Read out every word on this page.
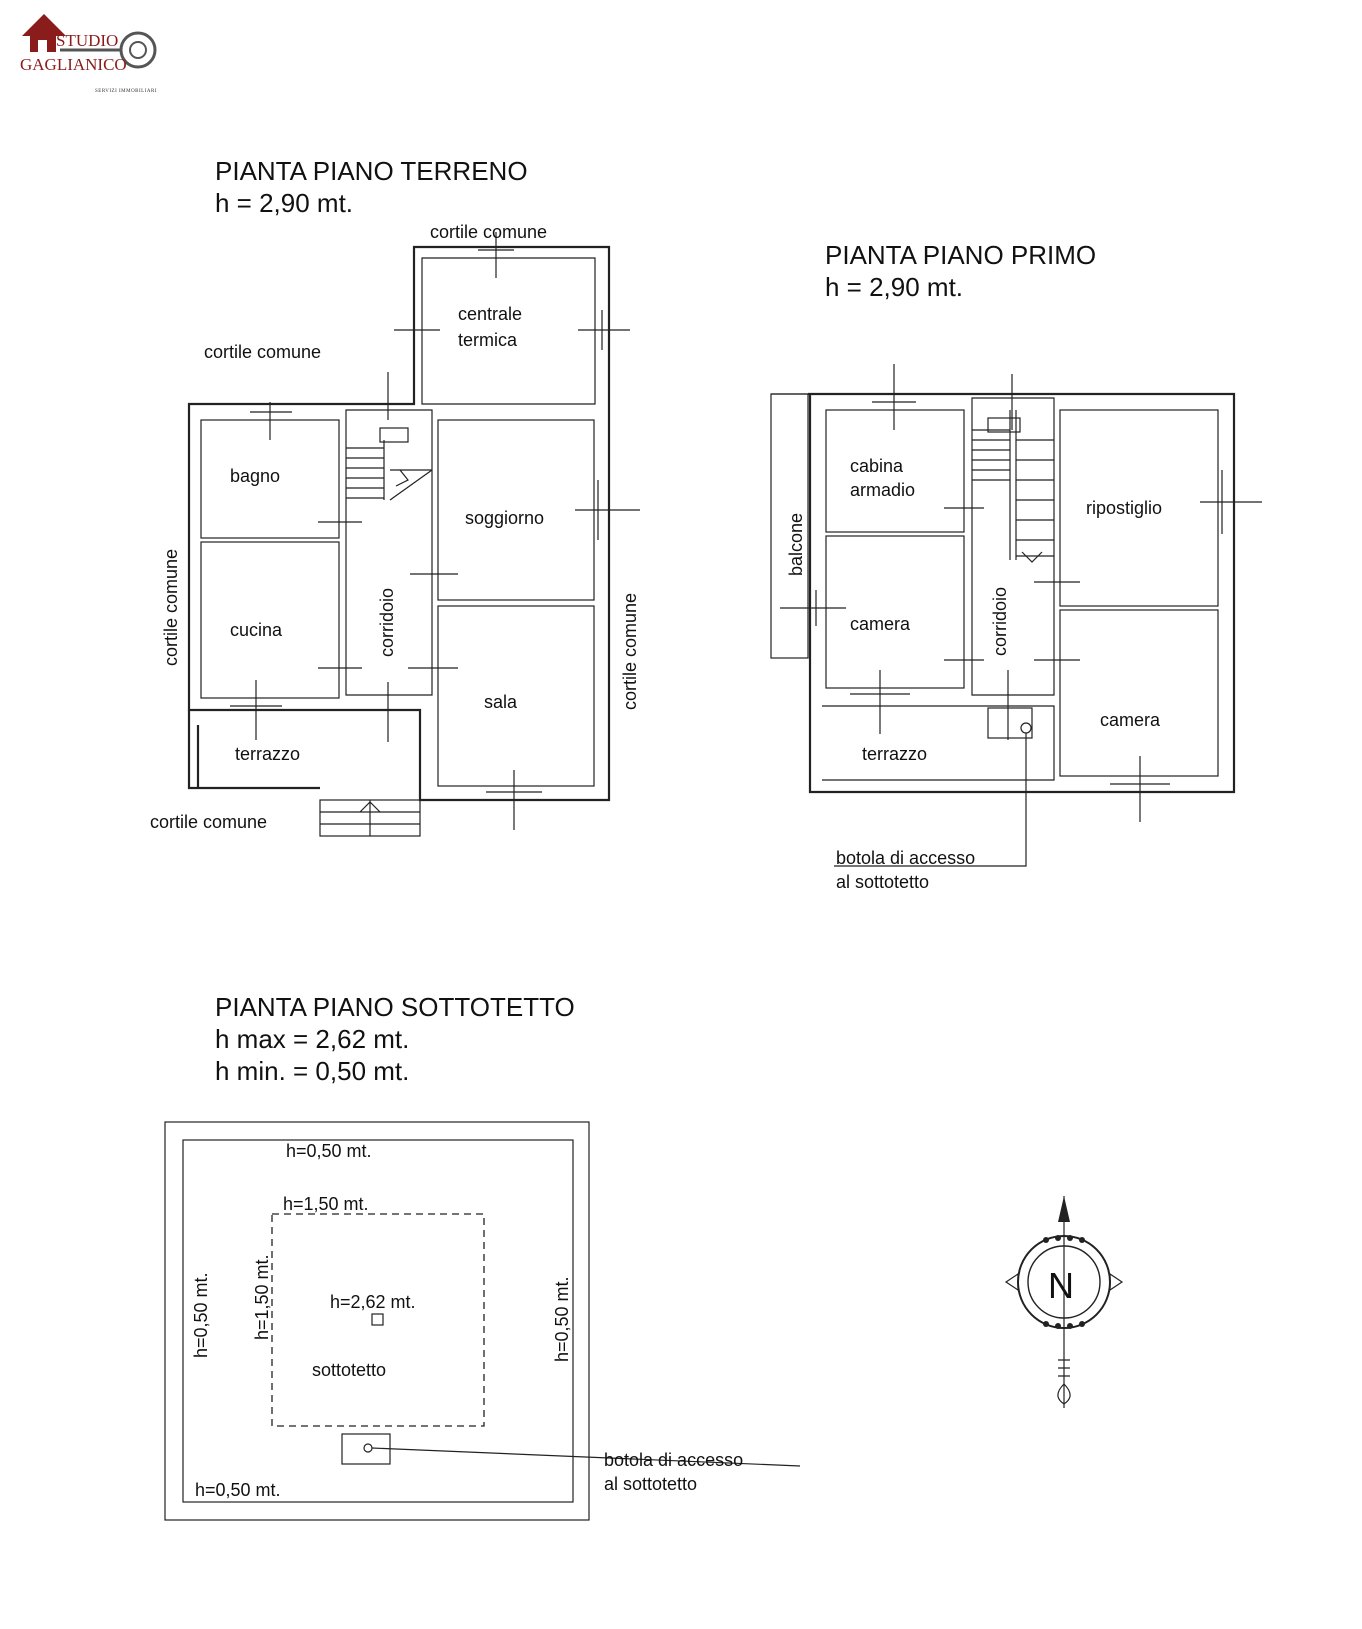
STUDIO
GAGLIANICO
SERVIZI IMMOBILIARI
PIANTA PIANO TERRENO
h = 2,90 mt.
cortile comune
centrale
termica
cortile comune
bagno
cucina
soggiorno
sala
terrazzo
cortile comune
corridoio
cortile comune	cortile comune
PIANTA PIANO PRIMO
h = 2,90 mt.
cabina
armadio
camera
ripostiglio
camera
terrazzo
balcone
corridoio
botola di accesso
al sottotetto
PIANTA PIANO SOTTOTETTO
h max = 2,62 mt.
h min. = 0,50 mt.
h=0,50 mt.
h=1,50 mt.
h=2,62 mt.
sottotetto
h=0,50 mt.
h=0,50 mt. h=1,50 mt.	h=0,50 mt.
botola di accesso
al sottotetto
N
